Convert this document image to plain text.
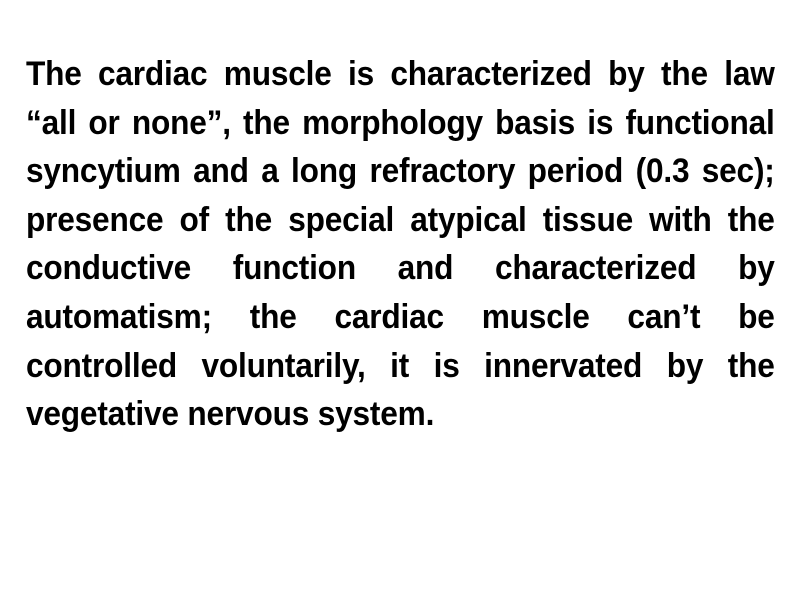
The cardiac muscle is characterized by the law “all or none”, the morphology basis is functional syncytium and a long refractory period (0.3 sec); presence of the special atypical tissue with the conductive function and characterized by automatism; the cardiac muscle can’t be controlled voluntarily, it is innervated by the vegetative nervous system.
